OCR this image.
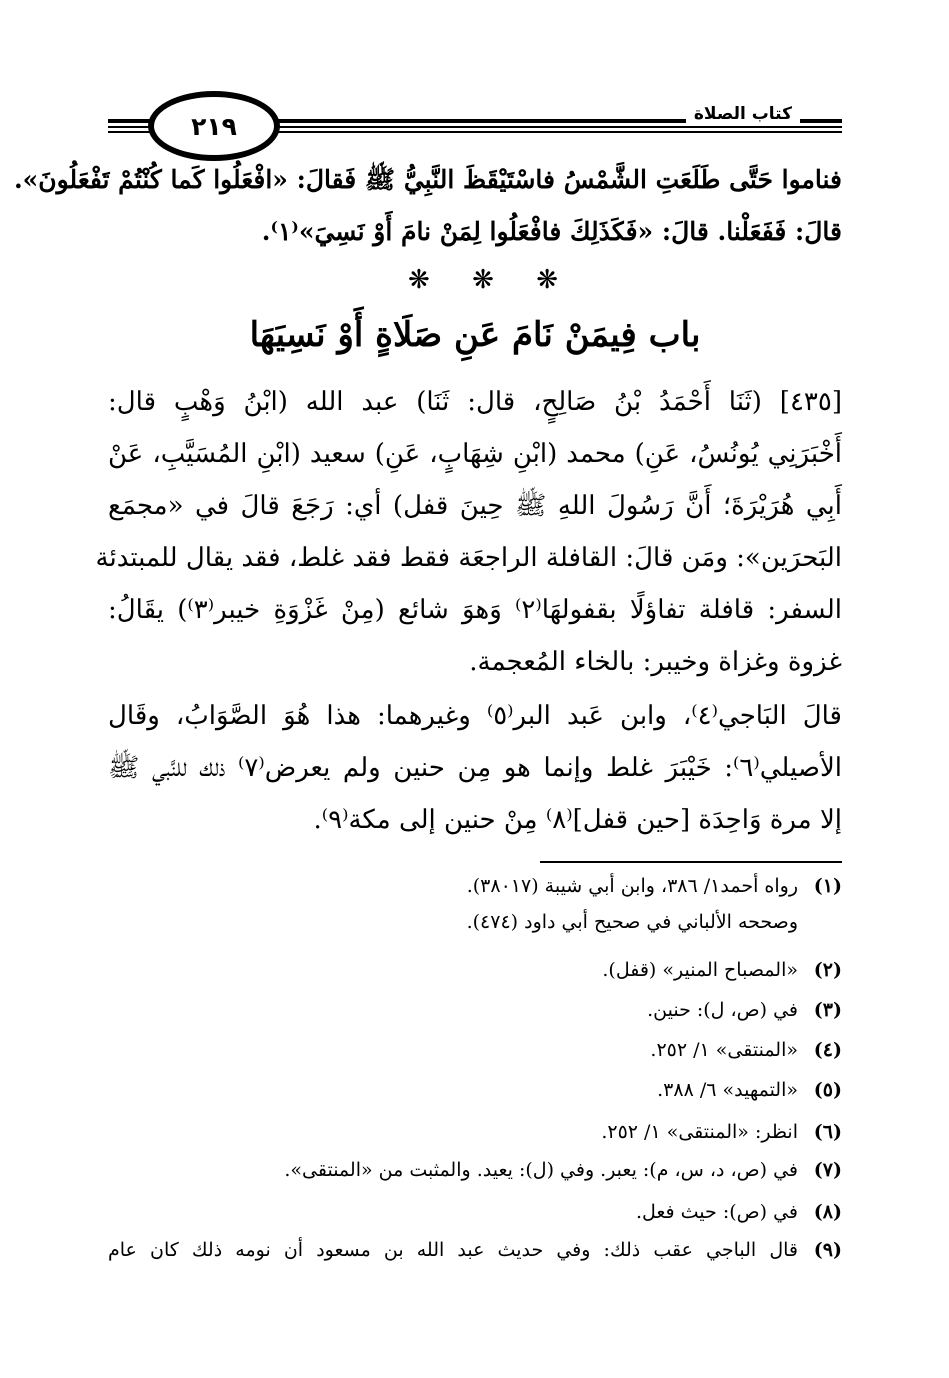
٢١٩	كتاب الصلاة
فناموا حَتَّى طَلَعَتِ الشَّمْسُ فاسْتَيْقَظَ النَّبِيُّ ﷺ فَقالَ: «افْعَلُوا كَما كُنْتُمْ تَفْعَلُونَ».
قالَ: فَفَعَلْنا. قالَ: «فَكَذَلِكَ فافْعَلُوا لِمَنْ نامَ أَوْ نَسِيَ»⁽١⁾.
❋ ❋ ❋
باب فِيمَنْ نَامَ عَنِ صَلَاةٍ أَوْ نَسِيَهَا
[٤٣٥] (ثَنَا أَحْمَدُ بْنُ صَالِحٍ، قال: ثَنَا) عبد الله (ابْنُ وَهْبٍ قال:
أَخْبَرَنِي يُونُسُ، عَنِ) محمد (ابْنِ شِهَابٍ، عَنِ) سعيد (ابْنِ المُسَيَّبِ، عَنْ
أَبِي هُرَيْرَةَ؛ أَنَّ رَسُولَ اللهِ ﷺ حِينَ قفل) أي: رَجَعَ قالَ في «مجمَع
البَحرَين»: ومَن قالَ: القافلة الراجعَة فقط فقد غلط، فقد يقال للمبتدئة
السفر: قافلة تفاؤلًا بقفولهَا⁽٢⁾ وَهوَ شائع (مِنْ غَزْوَةِ خيبر⁽٣⁾) يقَالُ:
غزوة وغزاة وخيبر: بالخاء المُعجمة.
قالَ البَاجي⁽٤⁾، وابن عَبد البر⁽٥⁾ وغيرهما: هذا هُوَ الصَّوَابُ، وقَال
الأصيلي⁽٦⁾: خَيْبَرَ غلط وإنما هو مِن حنين ولم يعرض⁽٧⁾ ذلك للنَّبي ﷺ
إلا مرة وَاحِدَة [حين قفل]⁽٨⁾ مِنْ حنين إلى مكة⁽٩⁾.
(١)رواه أحمد١/ ٣٨٦، وابن أبي شيبة (٣٨٠١٧).
وصححه الألباني في صحيح أبي داود (٤٧٤).
(٢)«المصباح المنير» (قفل).
(٣)في (ص، ل): حنين.
(٤)«المنتقى» ١/ ٢٥٢.
(٥)«التمهيد» ٦/ ٣٨٨.
(٦)انظر: «المنتقى» ١/ ٢٥٢.
(٧)في (ص، د، س، م): يعبر. وفي (ل): يعيد. والمثبت من «المنتقى».
(٨)في (ص): حيث فعل.
(٩)قال الباجي عقب ذلك: وفي حديث عبد الله بن مسعود أن نومه ذلك كان عام
